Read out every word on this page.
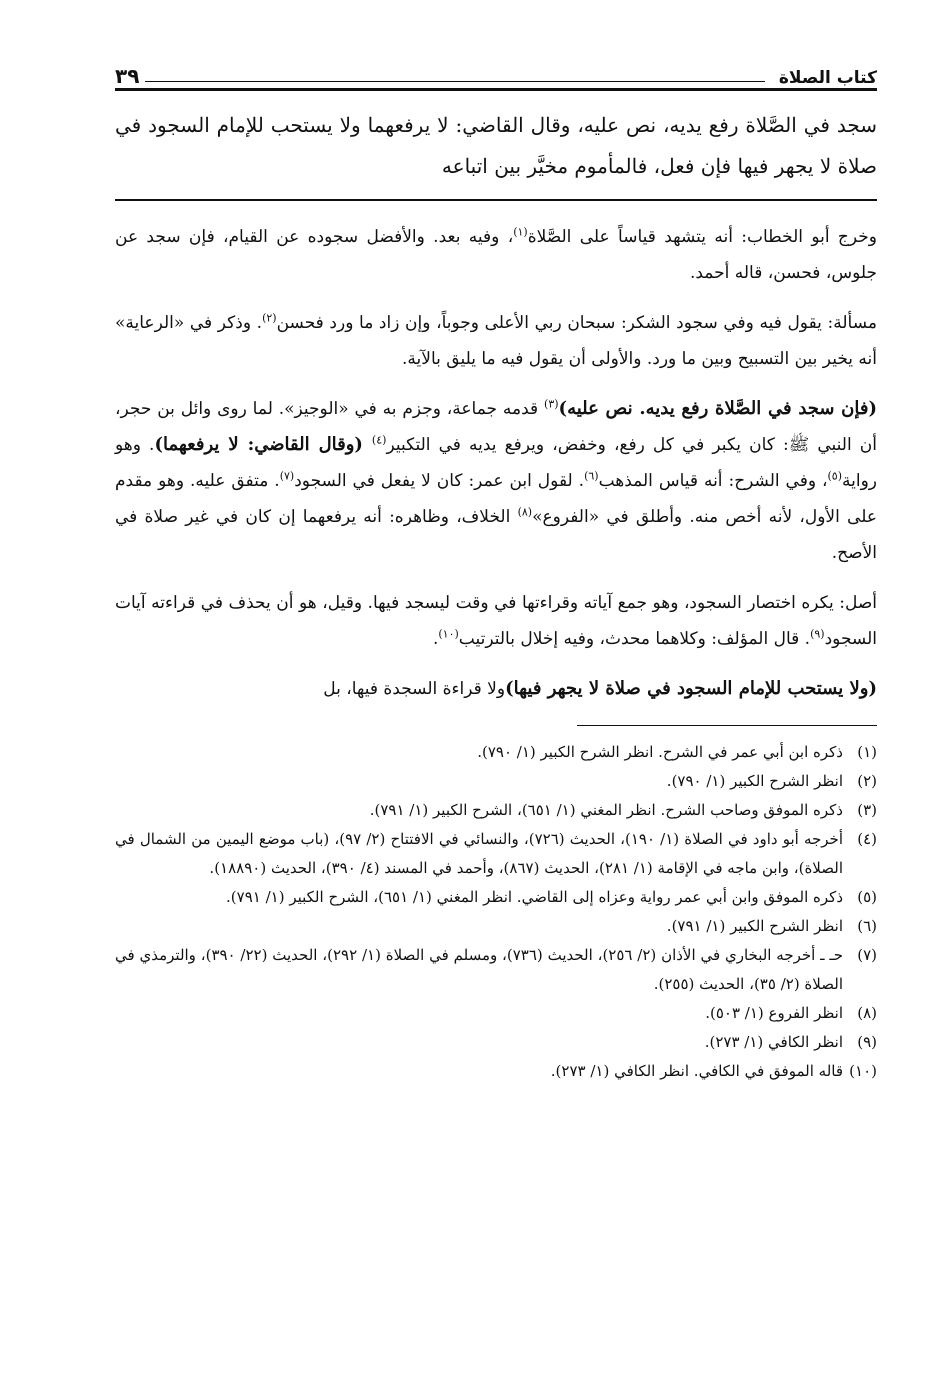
كتاب الصلاة
٣٩
سجد في الصَّلاة رفع يديه، نص عليه، وقال القاضي: لا يرفعهما ولا يستحب للإمام السجود في صلاة لا يجهر فيها فإن فعل، فالمأموم مخيَّر بين اتباعه

وخرج أبو الخطاب: أنه يتشهد قياساً على الصَّلاة$^{(١)}$، وفيه بعد. والأفضل سجوده عن القيام، فإن سجد عن جلوس، فحسن، قاله أحمد.

مسألة: يقول فيه وفي سجود الشكر: سبحان ربي الأعلى وجوباً، وإن زاد ما ورد فحسن$^{(٢)}$. وذكر في «الرعاية» أنه يخير بين التسبيح وبين ما ورد. والأولى أن يقول فيه ما يليق بالآية.

(فإن سجد في الصَّلاة رفع يديه. نص عليه)$^{(٣)}$ قدمه جماعة، وجزم به في «الوجيز». لما روى وائل بن حجر، أن النبي ﷺ: كان يكبر في كل رفع، وخفض، ويرفع يديه في التكبير$^{(٤)}$ (وقال القاضي: لا يرفعهما). وهو رواية$^{(٥)}$، وفي الشرح: أنه قياس المذهب$^{(٦)}$. لقول ابن عمر: كان لا يفعل في السجود$^{(٧)}$. متفق عليه. وهو مقدم على الأول، لأنه أخص منه. وأطلق في «الفروع»$^{(٨)}$ الخلاف، وظاهره: أنه يرفعهما إن كان في غير صلاة في الأصح.

أصل: يكره اختصار السجود، وهو جمع آياته وقراءتها في وقت ليسجد فيها. وقيل، هو أن يحذف في قراءته آيات السجود$^{(٩)}$. قال المؤلف: وكلاهما محدث، وفيه إخلال بالترتيب$^{(١٠)}$.

(ولا يستحب للإمام السجود في صلاة لا يجهر فيها)ولا قراءة السجدة فيها، بل

(١)
ذكره ابن أبي عمر في الشرح. انظر الشرح الكبير (١/ ٧٩٠).
(٢)
انظر الشرح الكبير (١/ ٧٩٠).
(٣)
ذكره الموفق وصاحب الشرح. انظر المغني (١/ ٦٥١)، الشرح الكبير (١/ ٧٩١).
(٤)
أخرجه أبو داود في الصلاة (١/ ١٩٠)، الحديث (٧٢٦)، والنسائي في الافتتاح (٢/ ٩٧)، (باب موضع اليمين من الشمال في الصلاة)، وابن ماجه في الإقامة (١/ ٢٨١)، الحديث (٨٦٧)، وأحمد في المسند (٤/ ٣٩٠)، الحديث (١٨٨٩٠).
(٥)
ذكره الموفق وابن أبي عمر رواية وعزاه إلى القاضي. انظر المغني (١/ ٦٥١)، الشرح الكبير (١/ ٧٩١).
(٦)
انظر الشرح الكبير (١/ ٧٩١).
(٧)
حـ ـ أخرجه البخاري في الأذان (٢/ ٢٥٦)، الحديث (٧٣٦)، ومسلم في الصلاة (١/ ٢٩٢)، الحديث (٢٢/ ٣٩٠)، والترمذي في الصلاة (٢/ ٣٥)، الحديث (٢٥٥).
(٨)
انظر الفروع (١/ ٥٠٣).
(٩)
انظر الكافي (١/ ٢٧٣).
(١٠)
قاله الموفق في الكافي. انظر الكافي (١/ ٢٧٣).
